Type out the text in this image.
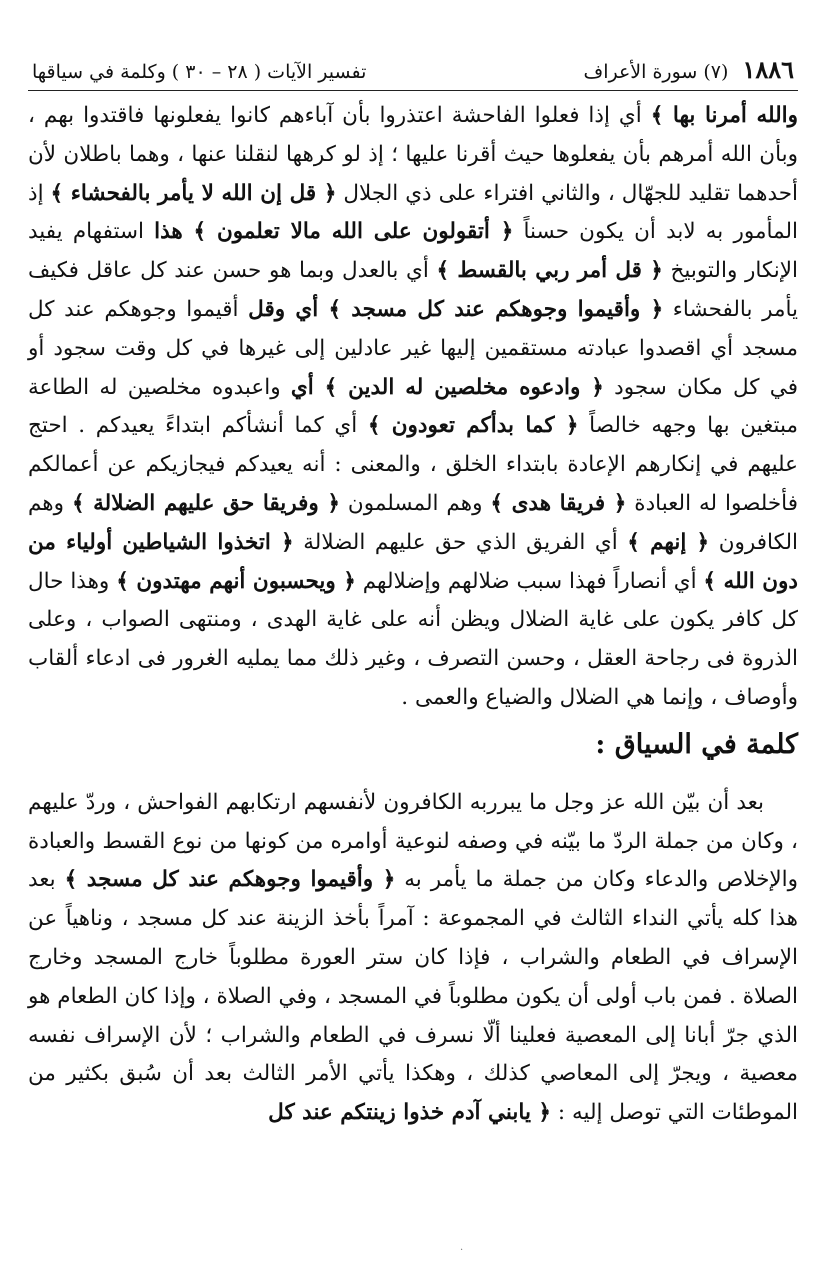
١٨٨٦
(٧) سورة الأعراف
تفسير الآيات ( ٢٨ – ٣٠ ) وكلمة في سياقها

والله أمرنا بها ﴾ أي إذا فعلوا الفاحشة اعتذروا بأن آباءهم كانوا يفعلونها فاقتدوا بهم ، وبأن الله أمرهم بأن يفعلوها حيث أقرنا عليها ؛ إذ لو كرهها لنقلنا عنها ، وهما باطلان لأن أحدهما تقليد للجهّال ، والثاني افتراء على ذي الجلال ﴿ قل إن الله لا يأمر بالفحشاء ﴾ إذ المأمور به لابد أن يكون حسناً ﴿ أتقولون على الله مالا تعلمون ﴾ هذا استفهام يفيد الإنكار والتوبيخ ﴿ قل أمر ربي بالقسط ﴾ أي بالعدل وبما هو حسن عند كل عاقل فكيف يأمر بالفحشاء ﴿ وأقيموا وجوهكم عند كل مسجد ﴾ أي وقل أقيموا وجوهكم عند كل مسجد أي اقصدوا عبادته مستقمين إليها غير عادلين إلى غيرها في كل وقت سجود أو في كل مكان سجود ﴿ وادعوه مخلصين له الدين ﴾ أي واعبدوه مخلصين له الطاعة مبتغين بها وجهه خالصاً ﴿ كما بدأكم تعودون ﴾ أي كما أنشأكم ابتداءً يعيدكم . احتج عليهم في إنكارهم الإعادة بابتداء الخلق ، والمعنى : أنه يعيدكم فيجازيكم عن أعمالكم فأخلصوا له العبادة ﴿ فريقا هدى ﴾ وهم المسلمون ﴿ وفريقا حق عليهم الضلالة ﴾ وهم الكافرون ﴿ إنهم ﴾ أي الفريق الذي حق عليهم الضلالة ﴿ اتخذوا الشياطين أولياء من دون الله ﴾ أي أنصاراً فهذا سبب ضلالهم وإضلالهم ﴿ ويحسبون أنهم مهتدون ﴾ وهذا حال كل كافر يكون على غاية الضلال ويظن أنه على غاية الهدى ، ومنتهى الصواب ، وعلى الذروة فى رجاحة العقل ، وحسن التصرف ، وغير ذلك مما يمليه الغرور فى ادعاء ألقاب وأوصاف ، وإنما هي الضلال والضياع والعمى .

كلمة في السياق :

بعد أن بيّن الله عز وجل ما يبرربه الكافرون لأنفسهم ارتكابهم الفواحش ، وردّ عليهم ، وكان من جملة الردّ ما بيّنه في وصفه لنوعية أوامره من كونها من نوع القسط والعبادة والإخلاص والدعاء وكان من جملة ما يأمر به ﴿ وأقيموا وجوهكم عند كل مسجد ﴾ بعد هذا كله يأتي النداء الثالث في المجموعة : آمراً بأخذ الزينة عند كل مسجد ، وناهياً عن الإسراف في الطعام والشراب ، فإذا كان ستر العورة مطلوباً خارج المسجد وخارج الصلاة . فمن باب أولى أن يكون مطلوباً في المسجد ، وفي الصلاة ، وإذا كان الطعام هو الذي جرّ أبانا إلى المعصية فعلينا ألّا نسرف في الطعام والشراب ؛ لأن الإسراف نفسه معصية ، ويجرّ إلى المعاصي كذلك ، وهكذا يأتي الأمر الثالث بعد أن سُبق بكثير من الموطئات التي توصل إليه : ﴿ يابني آدم خذوا زينتكم عند كل

.
